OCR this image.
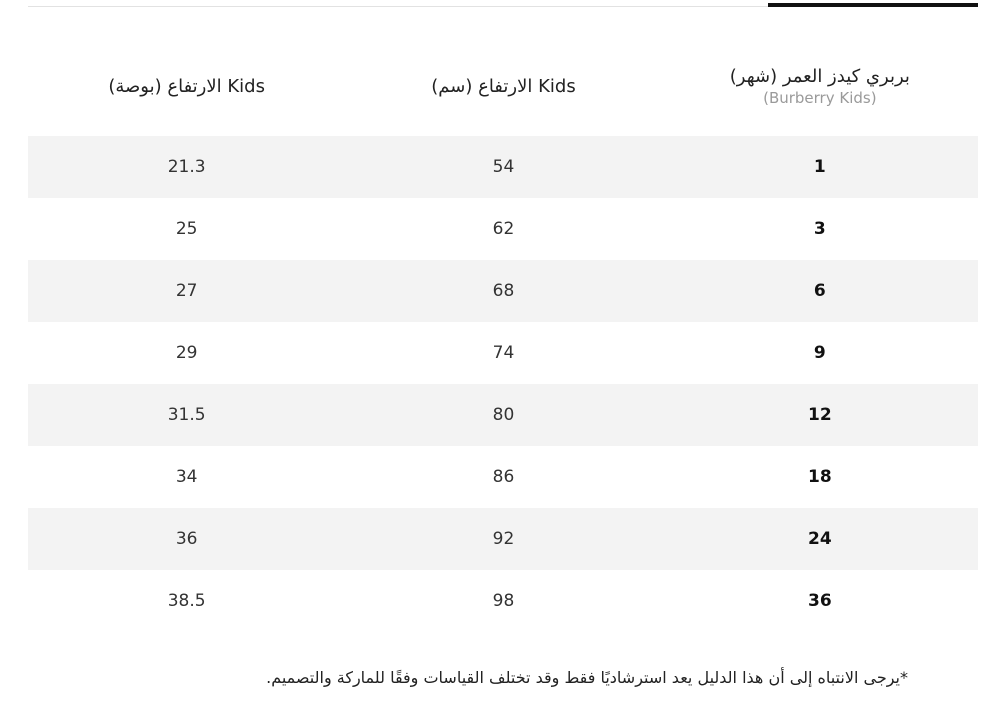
بربري كيدز العمر (شهر)
(Burberry Kids)	Kids الارتفاع (سم)	Kids الارتفاع (بوصة)
1	54	21.3
3	62	25
6	68	27
9	74	29
12	80	31.5
18	86	34
24	92	36
36	98	38.5
*يرجى الانتباه إلى أن هذا الدليل يعد استرشاديًا فقط وقد تختلف القياسات وفقًا للماركة والتصميم.
